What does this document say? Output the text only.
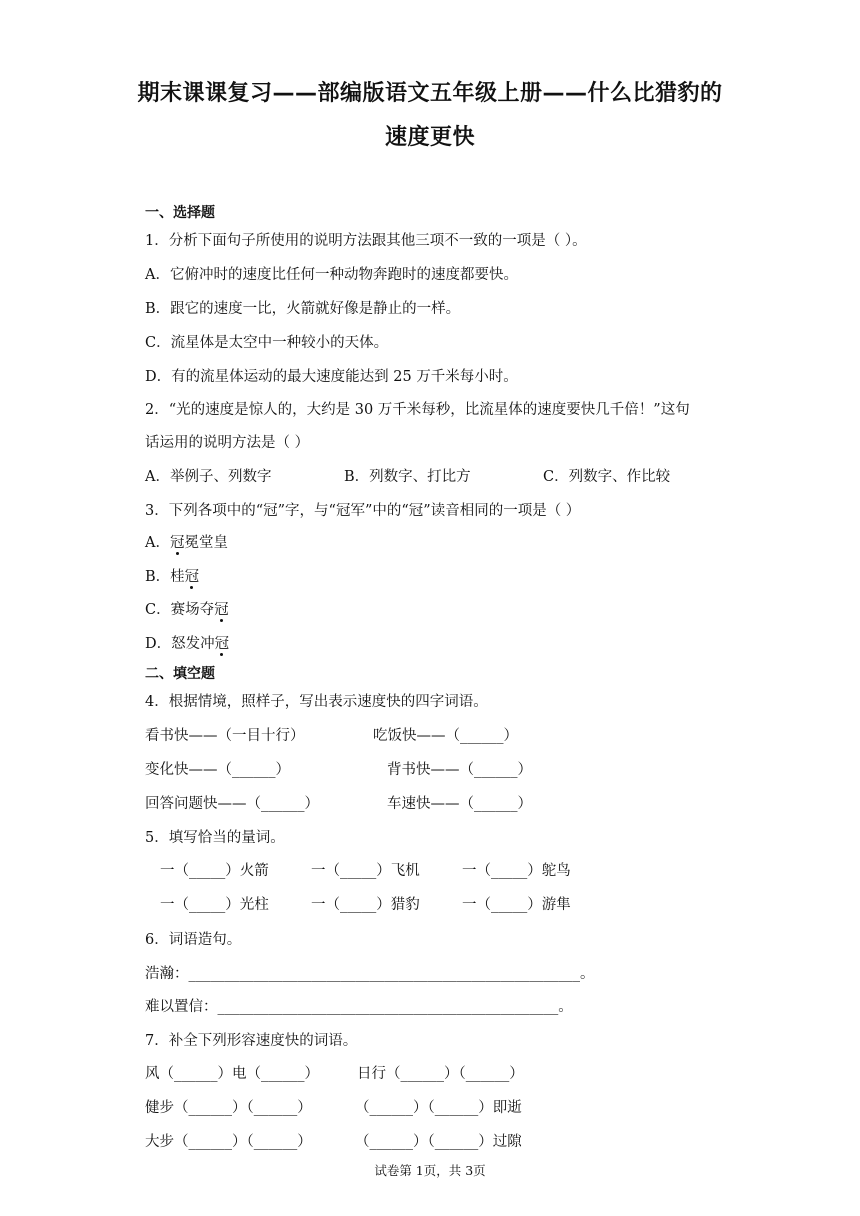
期末课课复习——部编版语文五年级上册——什么比猎豹的
速度更快
一、选择题
1．分析下面句子所使用的说明方法跟其他三项不一致的一项是（ ）。
A．它俯冲时的速度比任何一种动物奔跑时的速度都要快。
B．跟它的速度一比，火箭就好像是静止的一样。
C．流星体是太空中一种较小的天体。
D．有的流星体运动的最大速度能达到 25 万千米每小时。
2．“光的速度是惊人的，大约是 30 万千米每秒，比流星体的速度要快几千倍！”这句
话运用的说明方法是（ ）
A．举例子、列数字	B．列数字、打比方	C．列数字、作比较
3．下列各项中的“冠”字，与“冠军”中的“冠”读音相同的一项是（ ）
A．冠冕堂皇
B．桂冠
C．赛场夺冠
D．怒发冲冠
二、填空题
4．根据情境，照样子，写出表示速度快的四字词语。
看书快——（一目十行）	吃饭快——（______）
变化快——（______）	背书快——（______）
回答问题快——（______）	车速快——（______）
5．填写恰当的量词。
一（_____）火箭	一（_____）飞机	一（_____）鸵鸟
一（_____）光柱	一（_____）猎豹	一（_____）游隼
6．词语造句。
浩瀚：______________________________________________________。
难以置信：_______________________________________________。
7．补全下列形容速度快的词语。
风（______）电（______）	日行（______）（______）
健步（______）（______）	（______）（______）即逝
大步（______）（______）	（______）（______）过隙
试卷第 1页，共 3页
